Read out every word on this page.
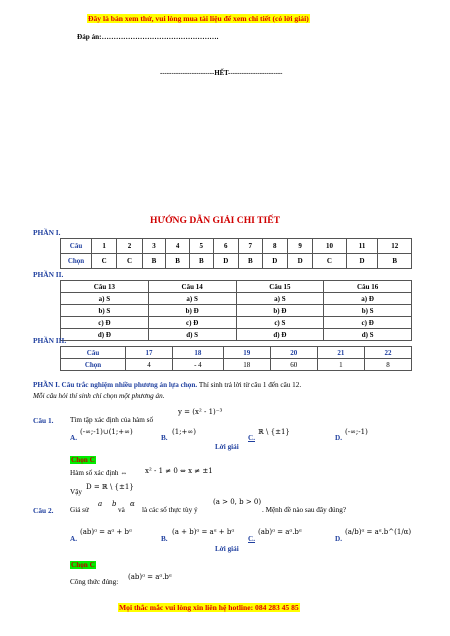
Đây là bản xem thử, vui lòng mua tài liệu để xem chi tiết (có lời giải)
Đáp án:………………………………………….
------------------------HẾT------------------------
HƯỚNG DẪN GIẢI CHI TIẾT
PHẦN I.
Câu	1	2	3	4	5	6	7	8	9	10	11	12
Chọn	C	C	B	B	B	D	B	D	D	C	D	B
PHẦN II.
Câu 13	Câu 14	Câu 15	Câu 16
a) S	a) S	a) S	a) Đ
b) S	b) Đ	b) Đ	b) S
c) Đ	c) Đ	c) S	c) Đ
d) Đ	d) S	d) Đ	d) S
PHẦN III.
Câu	17	18	19	20	21	22
Chọn	4	- 4	18	60	1	8
PHẦN I. Câu trắc nghiệm nhiều phương án lựa chọn. Thí sinh trả lời từ câu 1 đến câu 12.
Mỗi câu hỏi thí sinh chỉ chọn một phương án.
Câu 1. Tìm tập xác định của hàm số
y = (x² - 1)⁻³
A.
(-∞;-1)∪(1;+∞)
B.
(1;+∞)
C.
ℝ \ {±1}
D.
(-∞;-1)
Lời giải
Chọn C
Hàm số xác định ⇔	x² - 1 ≠ 0 ⇔ x ≠ ±1
Vậy
D = ℝ \ {±1}
Câu 2. Giả sử
a b
và
α
là các số thực tùy ý
(a > 0, b > 0)
. Mệnh đề nào sau đây đúng?
A.
(ab)ᵅ = aᵅ + bᵅ
B.
(a + b)ᵅ = aᵅ + bᵅ
C.
(ab)ᵅ = aᵅ.bᵅ
D.
(a/b)ᵅ = aᵅ.b^(1/α)
Lời giải
Chọn C
Công thức đúng:
(ab)ᵅ = aᵅ.bᵅ
Mọi thắc mắc vui lòng xin liên hệ hotline: 084 283 45 85
